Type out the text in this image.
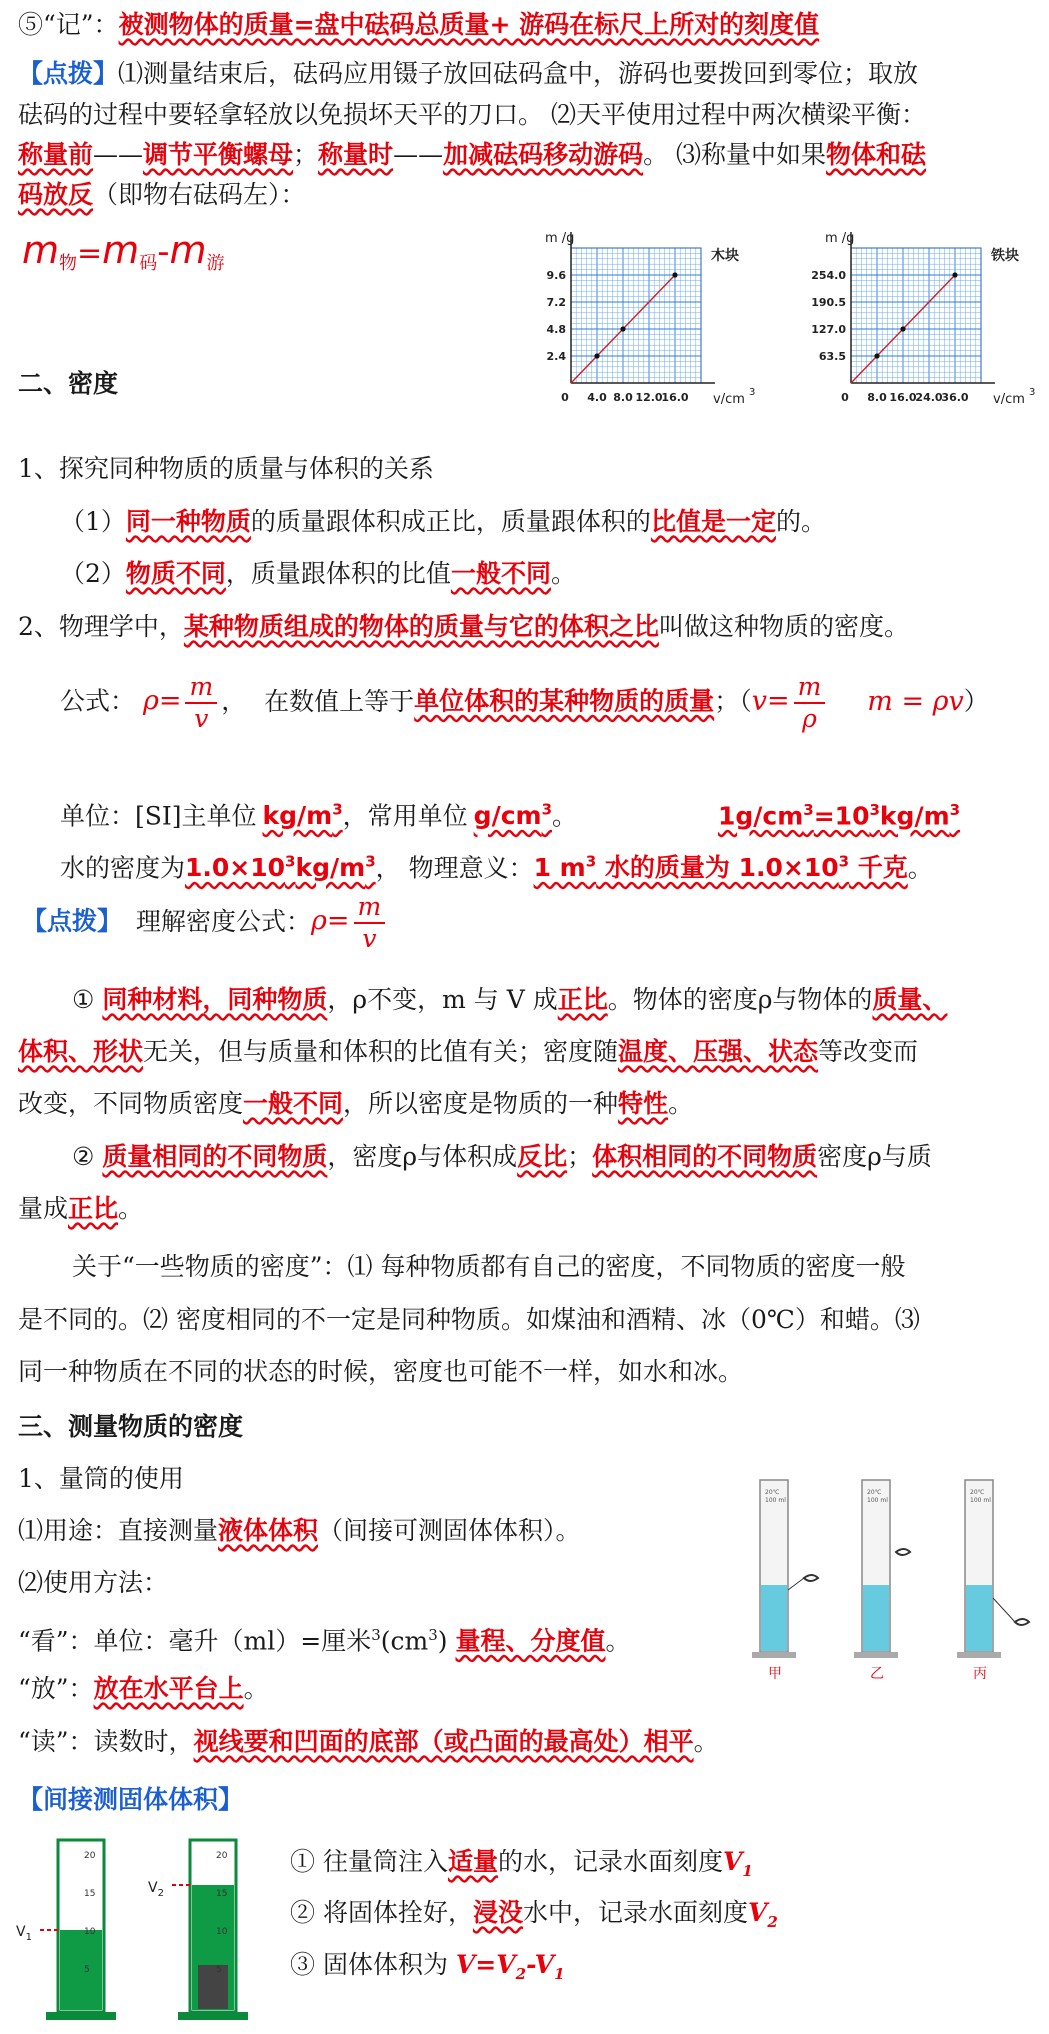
⑤“记”：被测物体的质量=盘中砝码总质量+ 游码在标尺上所对的刻度值
【点拨】⑴测量结束后，砝码应用镊子放回砝码盒中，游码也要拨回到零位；取放
砝码的过程中要轻拿轻放以免损坏天平的刀口。 ⑵天平使用过程中两次横梁平衡：
称量前——调节平衡螺母；称量时——加减砝码移动游码。 ⑶称量中如果物体和砝
码放反（即物右砝码左）：
$m_物=m_码-m_游$
m /g
v/cm 3
木块
2.4
4.8
7.2
9.6
0 4.0 8.0 12.0
16.0
m /g
v/cm 3
铁块
63.5
127.0
190.5
254.0
0 8.0 16.0
24.0
36.0
二、密度
1、探究同种物质的质量与体积的关系
（1）同一种物质的质量跟体积成正比，质量跟体积的比值是一定的。
（2）物质不同，质量跟体积的比值一般不同。
2、物理学中，某种物质组成的物体的质量与它的体积之比叫做这种物质的密度。
公式： $\rho= \frac{m}{v}$ ， 在数值上等于单位体积的某种物质的质量；（$v= \frac{m}{\rho}$ m = ρv）
单位：[SI]主单位 $kg/m^3$，常用单位 $g/cm^3$。	$1g/cm^3=10^3kg/m^3$
水的密度为$1.0\times 10^3kg/m^3$， 物理意义：1 $m^3$ 水的质量为 $1.0\times 10^3$ 千克。
【点拨】 理解密度公式：$\rho= \frac{m}{v}$
① 同种材料，同种物质，ρ不变，m 与 V 成正比。物体的密度ρ与物体的质量、
体积、形状无关，但与质量和体积的比值有关；密度随温度、压强、状态等改变而
改变，不同物质密度一般不同，所以密度是物质的一种特性。
② 质量相同的不同物质，密度ρ与体积成反比；体积相同的不同物质密度ρ与质
量成正比。
关于“一些物质的密度”：⑴ 每种物质都有自己的密度，不同物质的密度一般
是不同的。⑵ 密度相同的不一定是同种物质。如煤油和酒精、冰（0℃）和蜡。⑶
同一种物质在不同的状态的时候，密度也可能不一样，如水和冰。
三、测量物质的密度
1、量筒的使用
⑴用途：直接测量液体体积（间接可测固体体积）。
⑵使用方法：
“看”：单位：毫升（ml）=厘米$^3(cm^3)$ 量程、分度值。
“放”：放在水平台上。
“读”：读数时，视线要和凹面的底部（或凸面的最高处）相平。
【间接测固体体积】
20℃
100 ml
甲
20℃
100 ml
乙
20℃
100 ml
丙
20
15
10
5
$V_1$
20
15
10
5
$V_2$
① 往量筒注入适量的水，记录水面刻度$V_1$
② 将固体拴好，浸没水中，记录水面刻度$V_2$
③ 固体体积为 $V=V_2-V_1$
